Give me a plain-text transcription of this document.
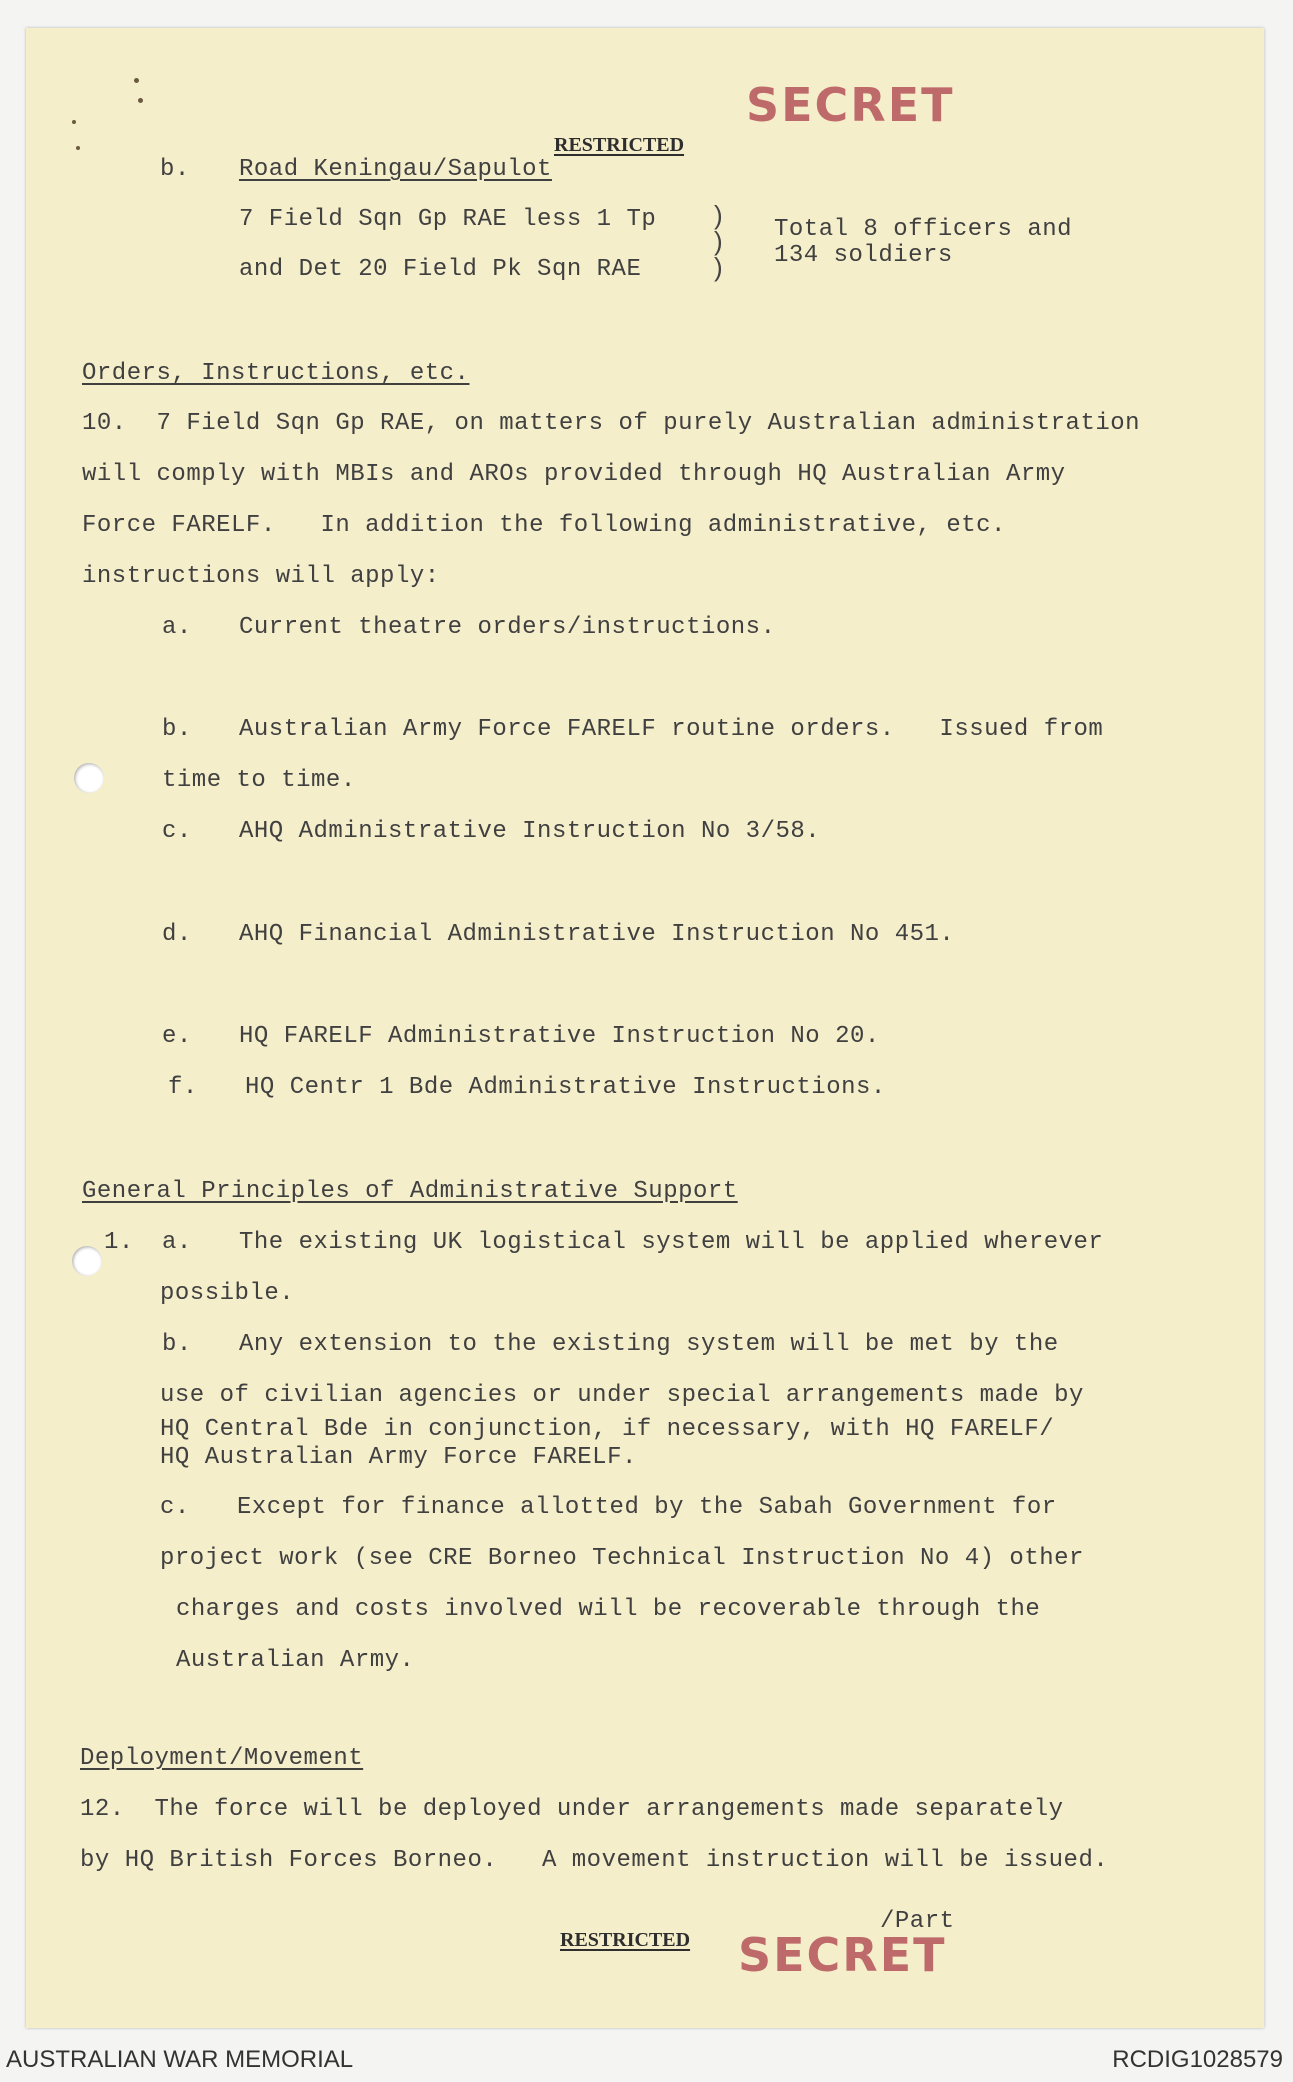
SECRET
RESTRICTED
b. Road Keningau/Sapulot
7 Field Sqn Gp RAE less 1 Tp
and Det 20 Field Pk Sqn RAE
)
)
)
Total 8 officers and
134 soldiers
Orders, Instructions, etc.
10.  7 Field Sqn Gp RAE, on matters of purely Australian administration
will comply with MBIs and AROs provided through HQ Australian Army
Force FARELF.   In addition the following administrative, etc.
instructions will apply:
a. Current theatre orders/instructions.
b. Australian Army Force FARELF routine orders.   Issued from
time to time.
c. AHQ Administrative Instruction No 3/58.
d. AHQ Financial Administrative Instruction No 451.
e. HQ FARELF Administrative Instruction No 20.
f. HQ Centr 1 Bde Administrative Instructions.
General Principles of Administrative Support
1. a. The existing UK logistical system will be applied wherever
possible.
b. Any extension to the existing system will be met by the
use of civilian agencies or under special arrangements made by
HQ Central Bde in conjunction, if necessary, with HQ FARELF/
HQ Australian Army Force FARELF.
c. Except for finance allotted by the Sabah Government for
project work (see CRE Borneo Technical Instruction No 4) other
charges and costs involved will be recoverable through the
Australian Army.
Deployment/Movement
12.  The force will be deployed under arrangements made separately
by HQ British Forces Borneo.   A movement instruction will be issued.
/Part
RESTRICTED SECRET
AUSTRALIAN WAR MEMORIAL	RCDIG1028579
